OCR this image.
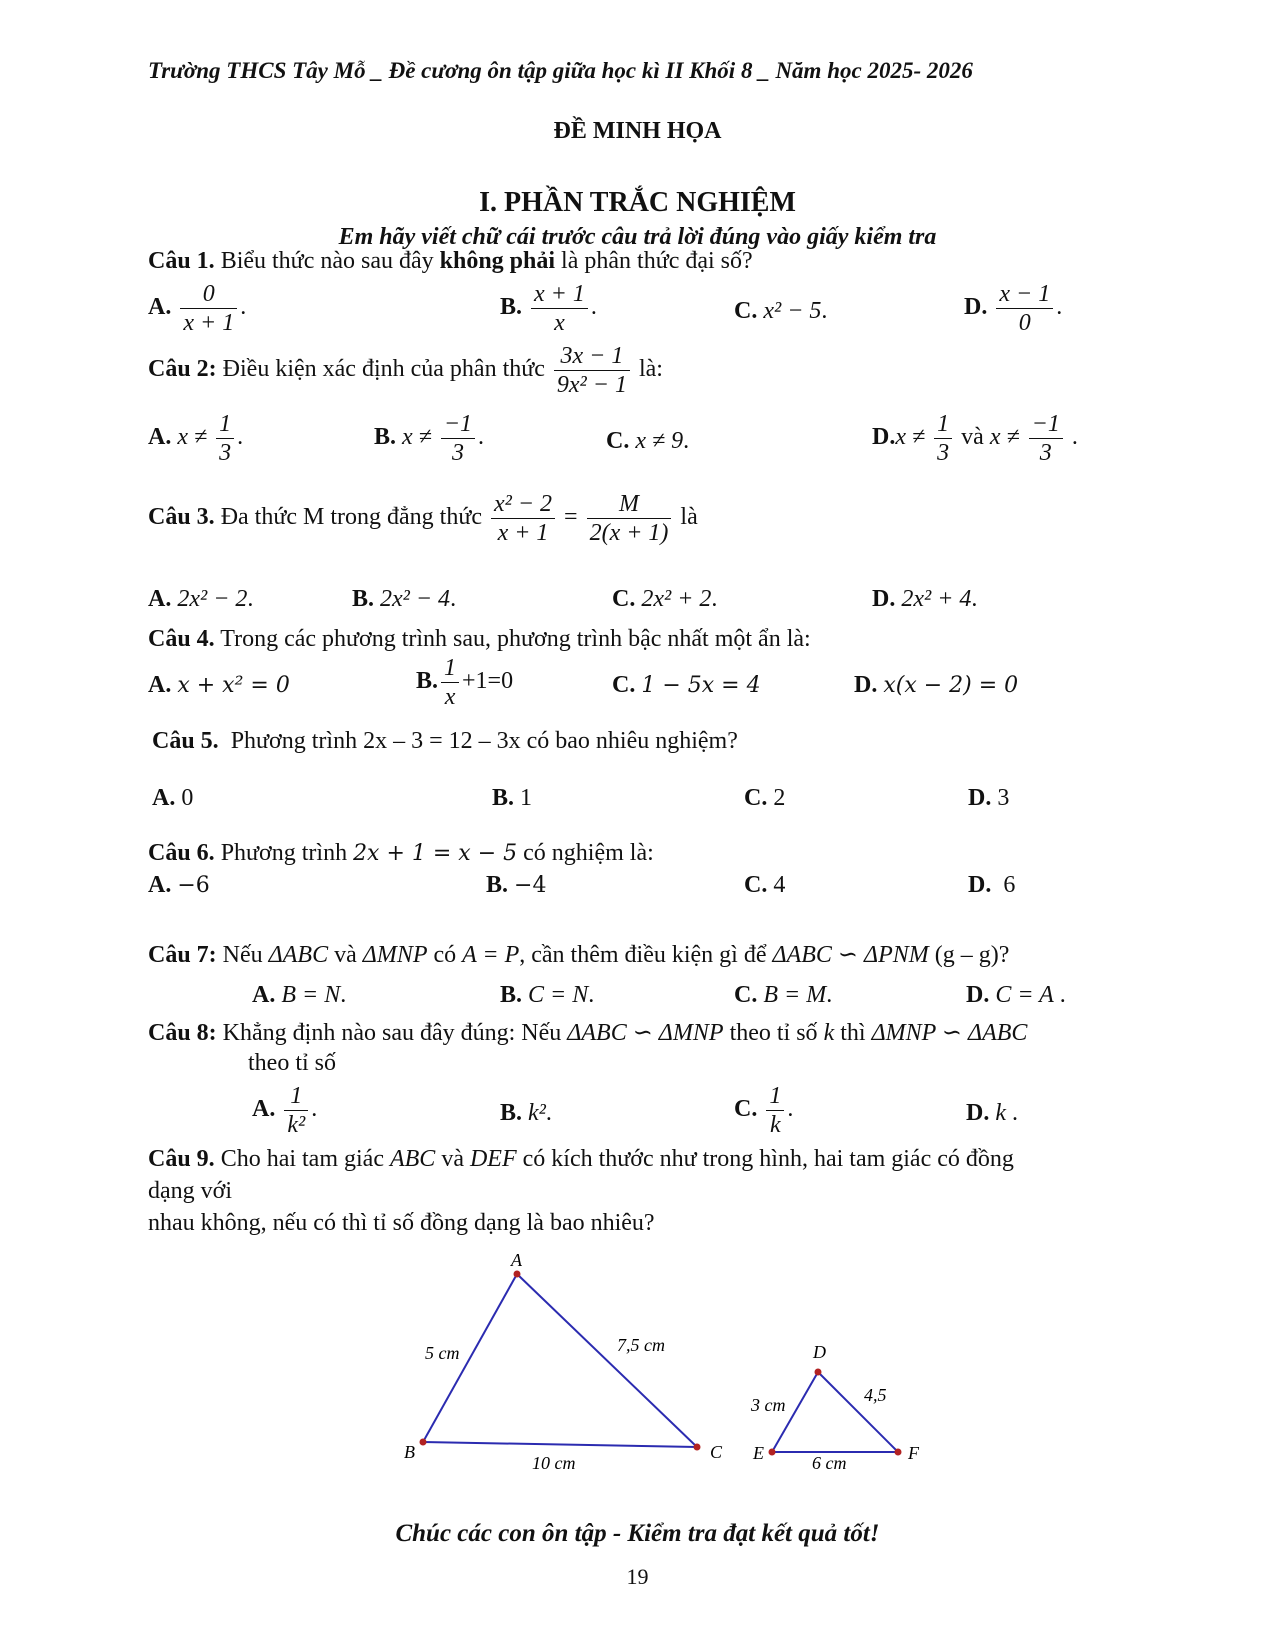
Trường THCS Tây Mỗ _ Đề cương ôn tập giữa học kì II Khối 8 _ Năm học 2025- 2026
ĐỀ MINH HỌA
I. PHẦN TRẮC NGHIỆM
Em hãy viết chữ cái trước câu trả lời đúng vào giấy kiểm tra
Câu 1. Biểu thức nào sau đây không phải là phân thức đại số?
A. $\frac{0}{x + 1}$ .	B. $\frac{x + 1}{x}$ .	C. x² − 5.	D. $\frac{x - 1}{0}$ .
Câu 2: Điều kiện xác định của phân thức $\frac{3x - 1}{\text{9x² − 1}}$ là:
A. $x \ne \frac{1}{3}$ .	B. $x \ne \frac{-1}{3}$ .	C. x ≠ 9.	$D.x \ne \frac{1}{3}$ và $x \ne \frac{-1}{3}$ .
Câu 3. Đa thức M trong đẳng thức $\frac{\text{x² − 2}}{x + 1} = \frac{M}{2(x + 1)}$ là
A. 2x² − 2.	B. 2x² − 4.	C. 2x² + 2.	D. 2x² + 4.
Câu 4. Trong các phương trình sau, phương trình bậc nhất một ẩn là:
A. x + x² = 0	B. $\frac{1}{x} +1=0$	C. 1 − 5x = 4	D. x(x − 2) = 0
Câu 5. Phương trình 2x – 3 = 12 – 3x có bao nhiêu nghiệm?
A. 0	B. 1	C. 2	D. 3
Câu 6. Phương trình 2x + 1 = x − 5 có nghiệm là:
A. −6	B. −4	C. 4	D. 6
Câu 7: Nếu ΔABC và ΔMNP có A = P, cần thêm điều kiện gì để ΔABC ∽ ΔPNM (g – g)?
A. B = N.	B. C = N.	C. B = M.	D. C = A .
Câu 8: Khẳng định nào sau đây đúng: Nếu ΔABC ∽ ΔMNP theo tỉ số k thì ΔMNP ∽ ΔABC
theo tỉ số
A. $\frac{1}{\text{k²}}$ .	B. k².	C. $\frac{1}{k}$ .	D. k .
Câu 9. Cho hai tam giác ABC và DEF có kích thước như trong hình, hai tam giác có đồng
dạng với
nhau không, nếu có thì tỉ số đồng dạng là bao nhiêu?
A
B	C
5 cm	7,5 cm
10 cm
D
E	F
3 cm	4,5
6 cm
Chúc các con ôn tập - Kiểm tra đạt kết quả tốt!
19
